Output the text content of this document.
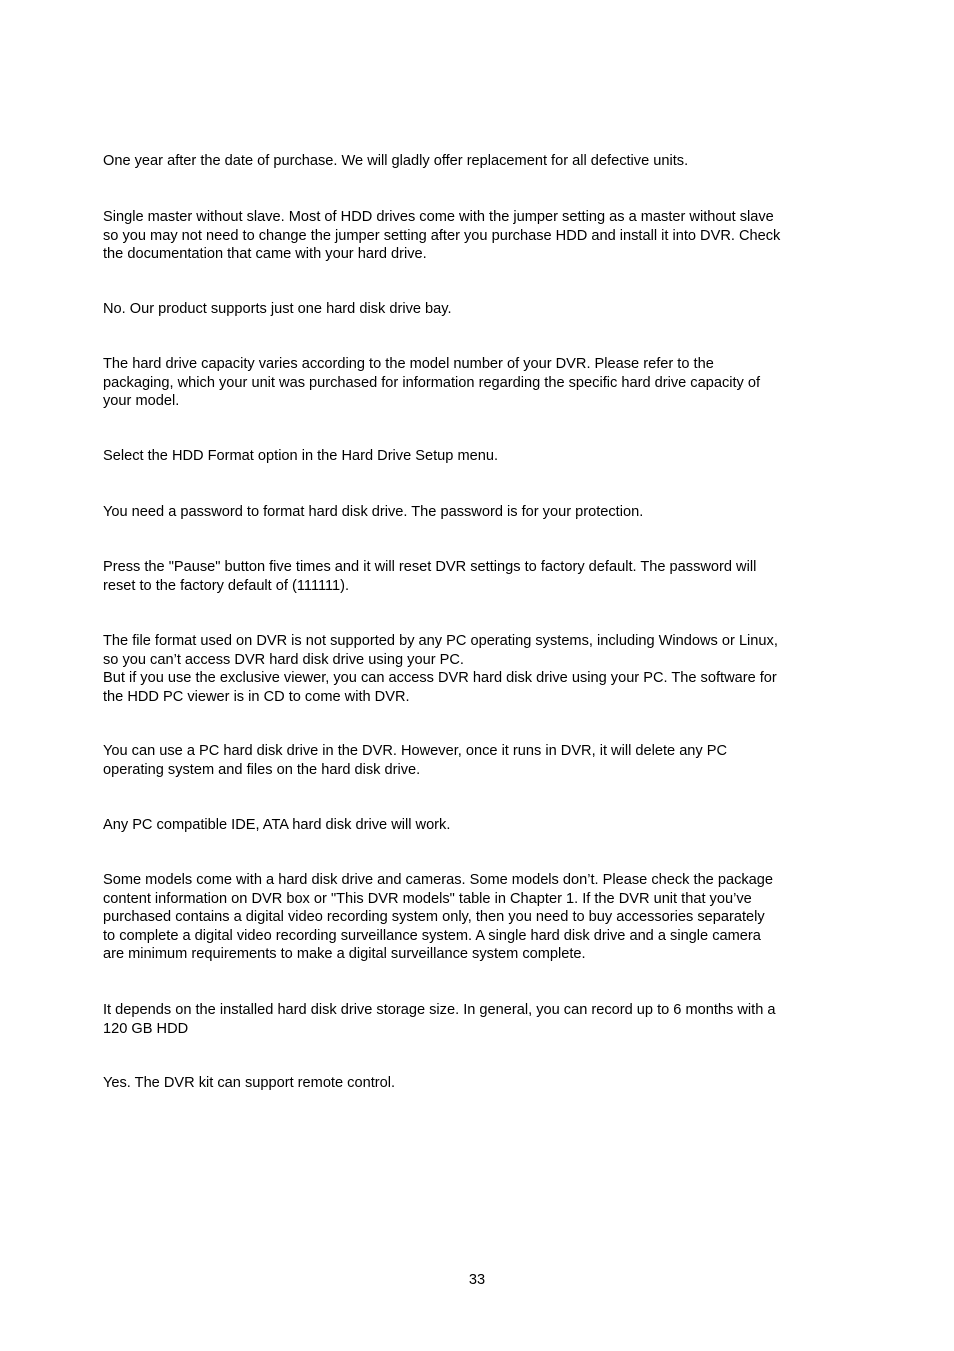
One year after the date of purchase. We will gladly offer replacement for all defective units.

Single master without slave. Most of HDD drives come with the jumper setting as a master without slave
so you may not need to change the jumper setting after you purchase HDD and install it into DVR. Check
the documentation that came with your hard drive.

No. Our product supports just one hard disk drive bay.

The hard drive capacity varies according to the model number of your DVR. Please refer to the
packaging, which your unit was purchased for information regarding the specific hard drive capacity of
your model.

Select the HDD Format option in the Hard Drive Setup menu.

You need a password to format hard disk drive. The password is for your protection.

Press the "Pause" button five times and it will reset DVR settings to factory default. The password will
reset to the factory default of (111111).

The file format used on DVR is not supported by any PC operating systems, including Windows or Linux,
so you can’t access DVR hard disk drive using your PC.
But if you use the exclusive viewer, you can access DVR hard disk drive using your PC. The software for
the HDD PC viewer is in CD to come with DVR.

You can use a PC hard disk drive in the DVR. However, once it runs in DVR, it will delete any PC
operating system and files on the hard disk drive.

Any PC compatible IDE, ATA hard disk drive will work.

Some models come with a hard disk drive and cameras. Some models don’t. Please check the package
content information on DVR box or "This DVR models" table in Chapter 1. If the DVR unit that you’ve
purchased contains a digital video recording system only, then you need to buy accessories separately
to complete a digital video recording surveillance system. A single hard disk drive and a single camera
are minimum requirements to make a digital surveillance system complete.

It depends on the installed hard disk drive storage size. In general, you can record up to 6 months with a
120 GB HDD

Yes. The DVR kit can support remote control.

33
